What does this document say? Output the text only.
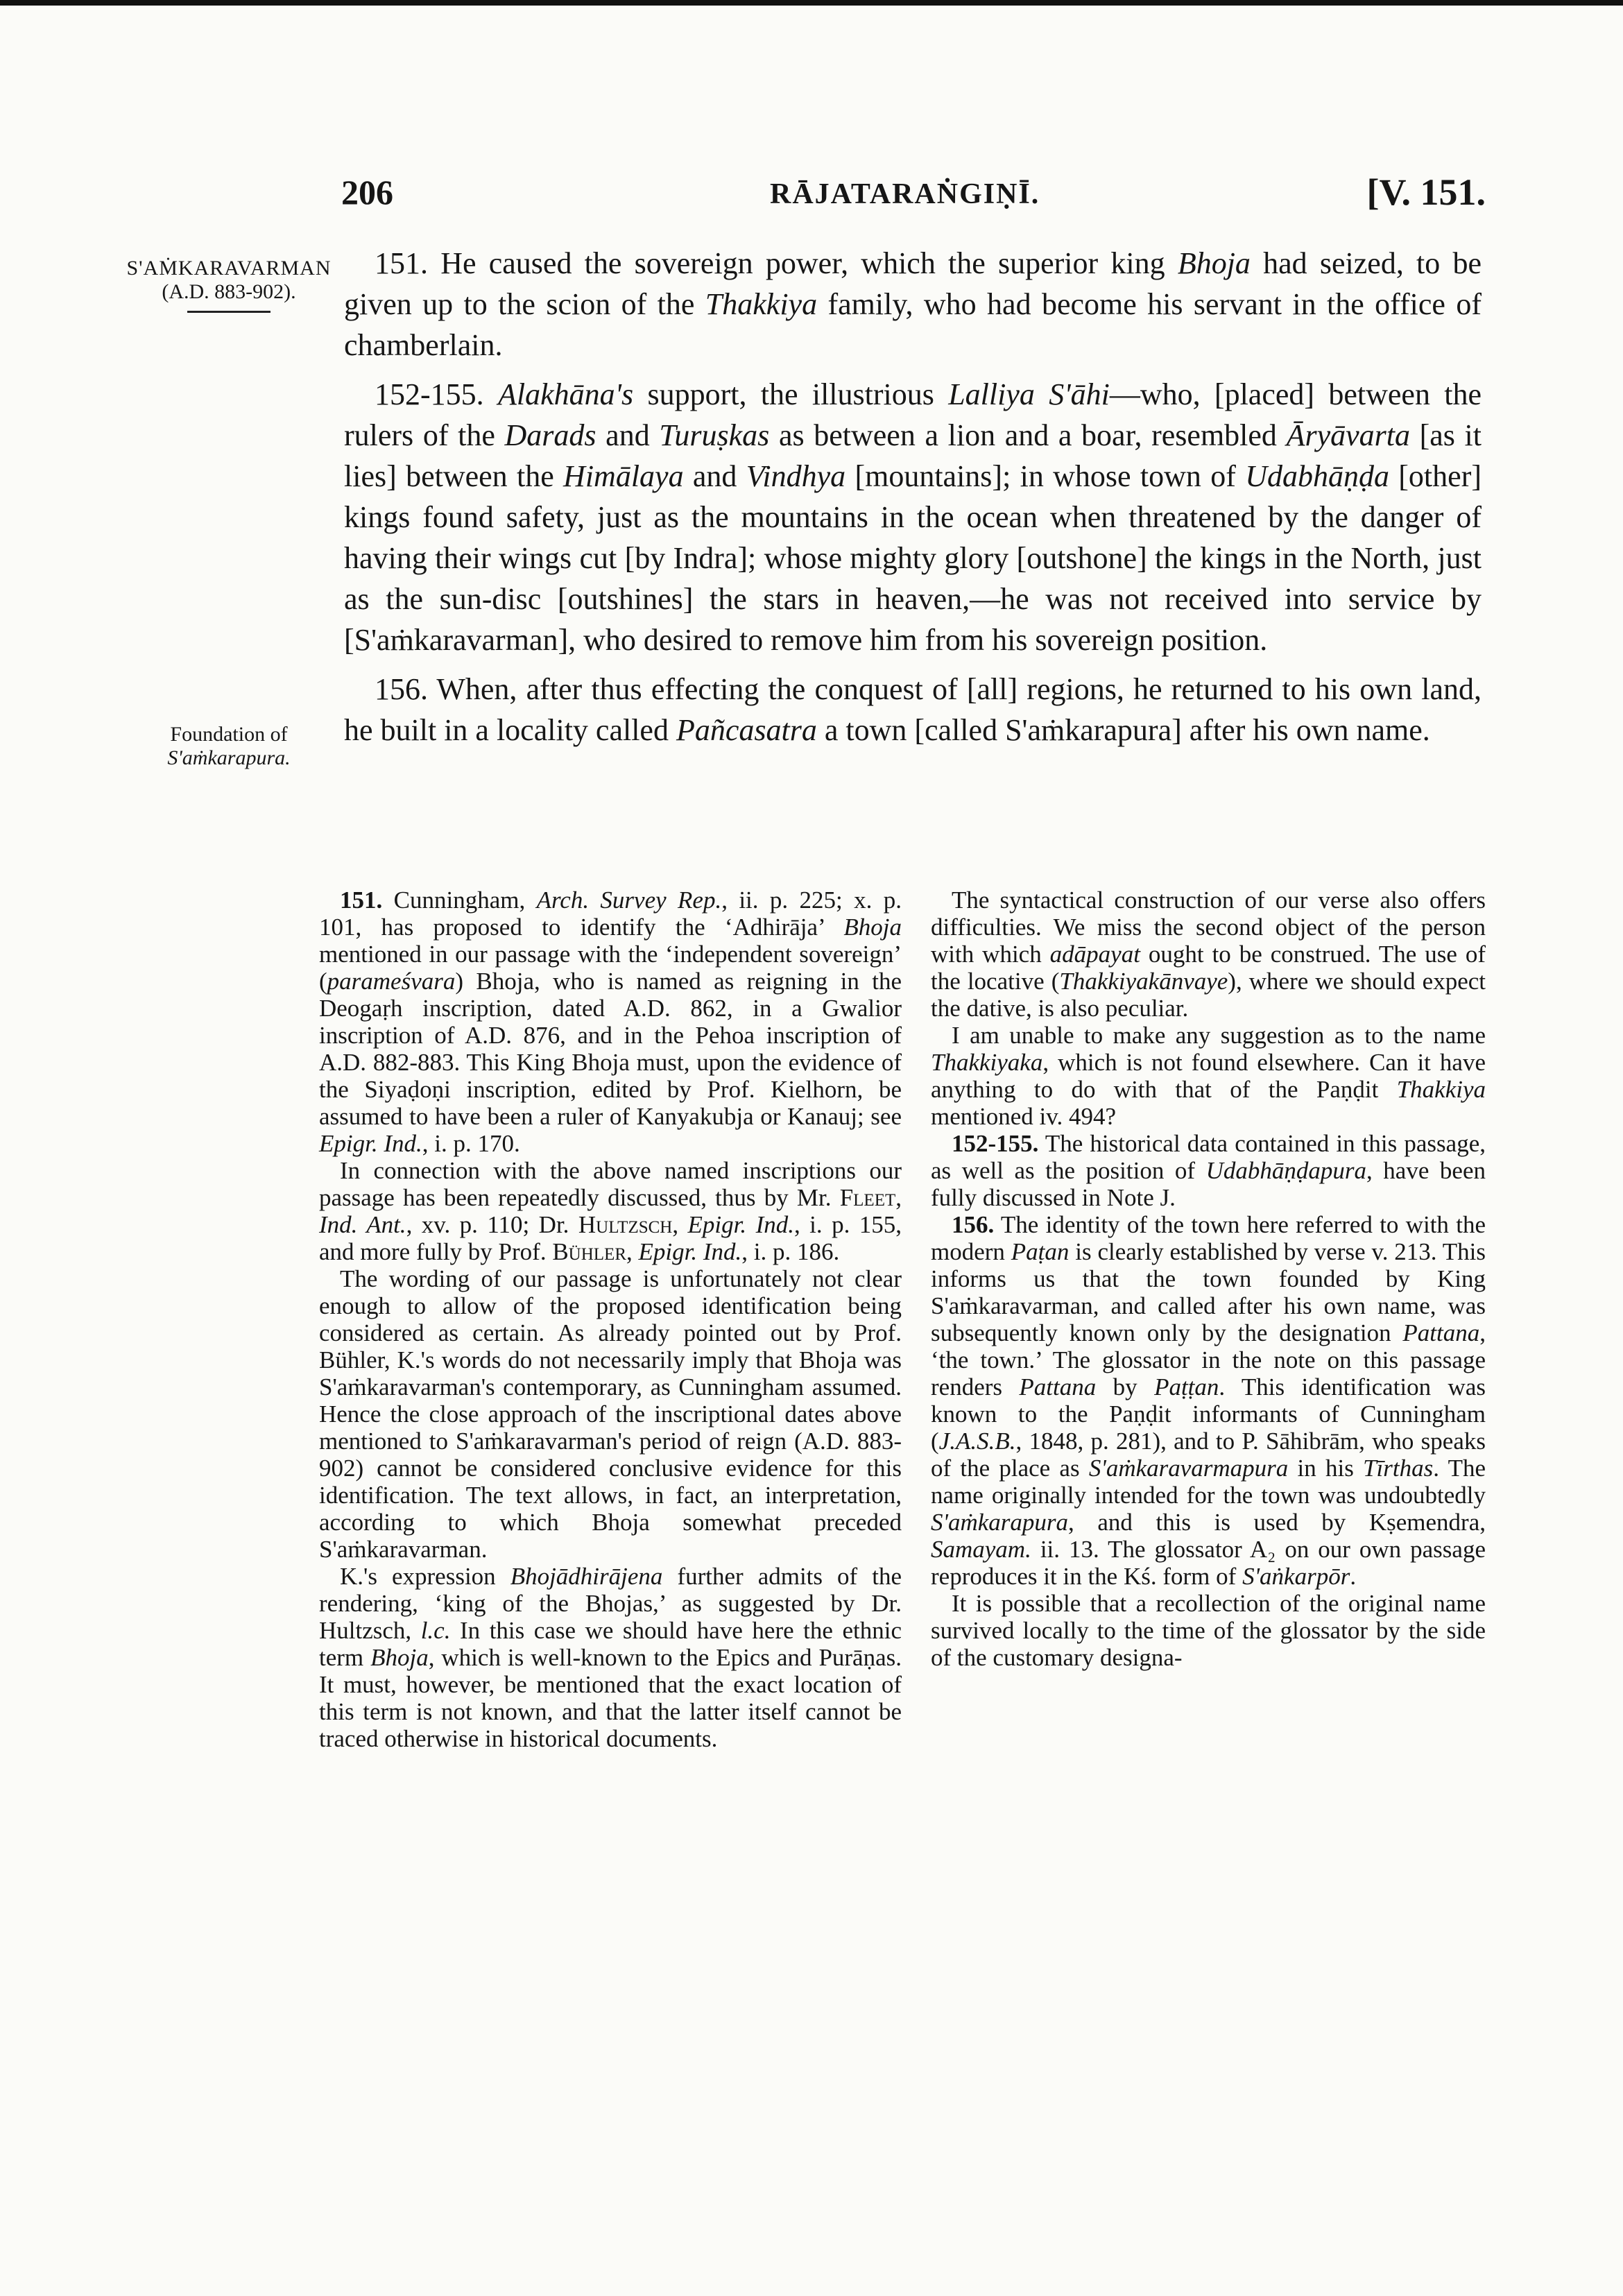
206	RĀJATARAṄGIṆĪ.	[V. 151.
S'AṀKARAVARMAN
(A.D. 883-902).
Foundation of
S'aṁkarapura.

151. He caused the sovereign power, which the superior king Bhoja had seized, to be given up to the scion of the Thakkiya family, who had become his servant in the office of chamberlain.

152-155. Alakhāna's support, the illustrious Lalliya S'āhi—who, [placed] between the rulers of the Darads and Turuṣkas as between a lion and a boar, resembled Āryāvarta [as it lies] between the Himālaya and Vindhya [mountains]; in whose town of Udabhāṇḍa [other] kings found safety, just as the mountains in the ocean when threatened by the danger of having their wings cut [by Indra]; whose mighty glory [outshone] the kings in the North, just as the sun-disc [outshines] the stars in heaven,—he was not received into service by [S'aṁkaravarman], who desired to remove him from his sovereign position.

156. When, after thus effecting the conquest of [all] regions, he returned to his own land, he built in a locality called Pañcasatra a town [called S'aṁkarapura] after his own name.

151. Cunningham, Arch. Survey Rep., ii. p. 225; x. p. 101, has proposed to identify the ‘Adhirāja’ Bhoja mentioned in our passage with the ‘independent sovereign’ (parameśvara) Bhoja, who is named as reigning in the Deogaṛh inscription, dated A.D. 862, in a Gwalior inscription of A.D. 876, and in the Pehoa inscription of A.D. 882-883. This King Bhoja must, upon the evidence of the Siyaḍoṇi inscription, edited by Prof. Kielhorn, be assumed to have been a ruler of Kanyakubja or Kanauj; see Epigr. Ind., i. p. 170.

In connection with the above named inscriptions our passage has been repeatedly discussed, thus by Mr. Fleet, Ind. Ant., xv. p. 110; Dr. Hultzsch, Epigr. Ind., i. p. 155, and more fully by Prof. Bühler, Epigr. Ind., i. p. 186.

The wording of our passage is unfortunately not clear enough to allow of the proposed identification being considered as certain. As already pointed out by Prof. Bühler, K.'s words do not necessarily imply that Bhoja was S'aṁkaravarman's contemporary, as Cunningham assumed. Hence the close approach of the inscriptional dates above mentioned to S'aṁkaravarman's period of reign (A.D. 883-902) cannot be considered conclusive evidence for this identification. The text allows, in fact, an interpretation, according to which Bhoja somewhat preceded S'aṁkaravarman.

K.'s expression Bhojādhirājena further admits of the rendering, ‘king of the Bhojas,’ as suggested by Dr. Hultzsch, l.c. In this case we should have here the ethnic term Bhoja, which is well-known to the Epics and Purāṇas. It must, however, be mentioned that the exact location of this term is not known, and that the latter itself cannot be traced otherwise in historical documents.

The syntactical construction of our verse also offers difficulties. We miss the second object of the person with which adāpayat ought to be construed. The use of the locative (Thakkiyakānvaye), where we should expect the dative, is also peculiar.

I am unable to make any suggestion as to the name Thakkiyaka, which is not found elsewhere. Can it have anything to do with that of the Paṇḍit Thakkiya mentioned iv. 494?

152-155. The historical data contained in this passage, as well as the position of Udabhāṇḍapura, have been fully discussed in Note J.

156. The identity of the town here referred to with the modern Paṭan is clearly established by verse v. 213. This informs us that the town founded by King S'aṁkaravarman, and called after his own name, was subsequently known only by the designation Pattana, ‘the town.’ The glossator in the note on this passage renders Pattana by Paṭṭan. This identification was known to the Paṇḍit informants of Cunningham (J.A.S.B., 1848, p. 281), and to P. Sāhibrām, who speaks of the place as S'aṁkaravarmapura in his Tīrthas. The name originally intended for the town was undoubtedly S'aṁkarapura, and this is used by Kṣemendra, Samayam. ii. 13. The glossator A₂ on our own passage reproduces it in the Kś. form of S'aṅkarpōr.

It is possible that a recollection of the original name survived locally to the time of the glossator by the side of the customary designa-
